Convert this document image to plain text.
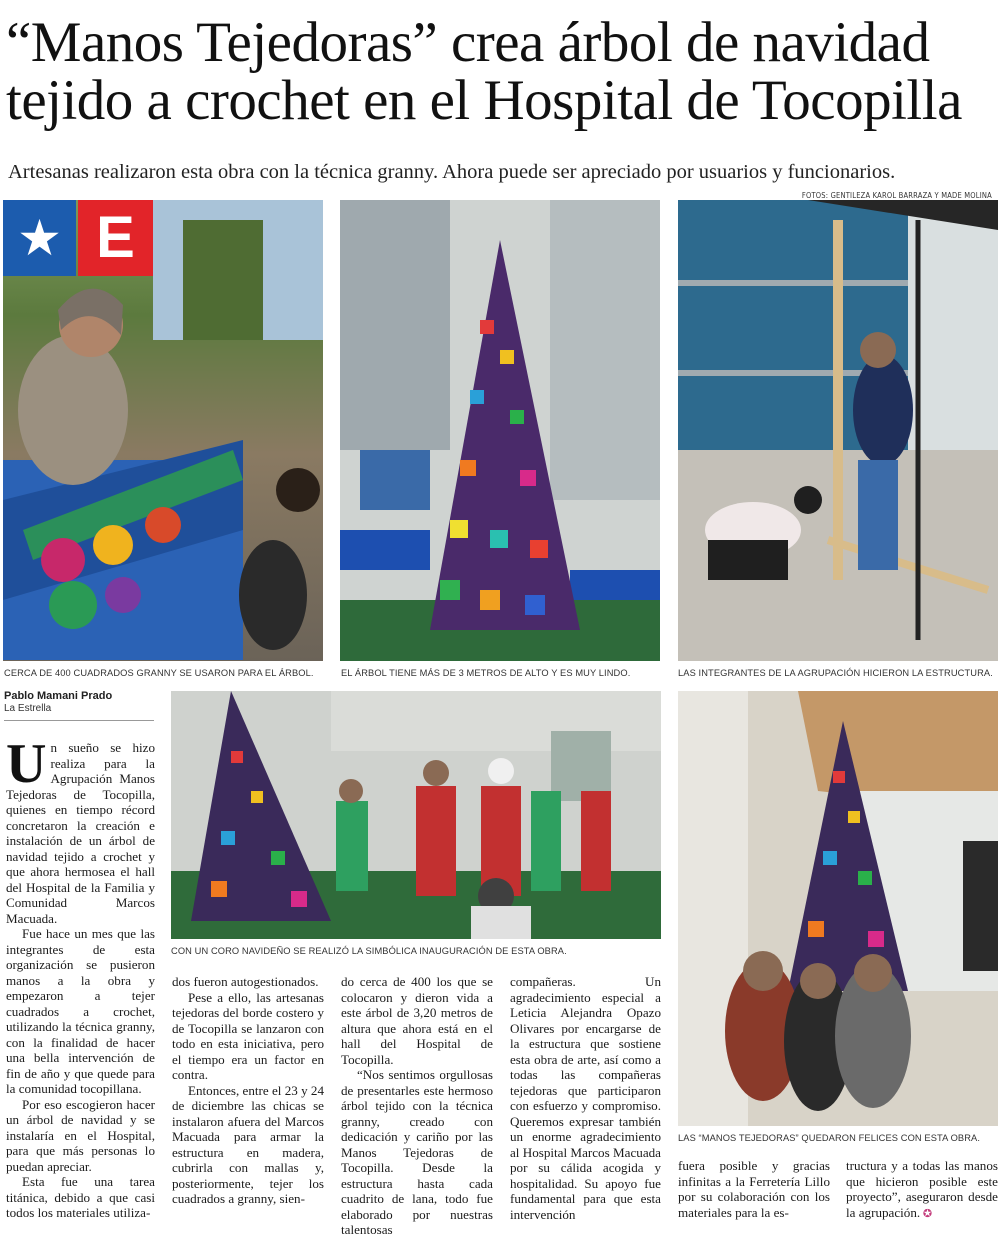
“Manos Tejedoras” crea árbol de navidad tejido a crochet en el Hospital de Tocopilla
Artesanas realizaron esta obra con la técnica granny. Ahora puede ser apreciado por usuarios y funcionarios.
FOTOS: GENTILEZA KAROL BARRAZA Y MADE MOLINA
★ E
CERCA DE 400 CUADRADOS GRANNY SE USARON PARA EL ÁRBOL.	EL ÁRBOL TIENE MÁS DE 3 METROS DE ALTO Y ES MUY LINDO.	LAS INTEGRANTES DE LA AGRUPACIÓN HICIERON LA ESTRUCTURA.
Pablo Mamani Prado
La Estrella
CON UN CORO NAVIDEÑO SE REALIZÓ LA SIMBÓLICA INAUGURACIÓN DE ESTA OBRA.
LAS “MANOS TEJEDORAS” QUEDARON FELICES CON ESTA OBRA.
U n sueño se hizo realiza para la Agrupación Manos Tejedoras de Tocopilla, quienes en tiempo récord concretaron la creación e instalación de un árbol de navidad tejido a crochet y que ahora hermosea el hall del Hospital de la Familia y Comunidad Marcos Macuada.

Fue hace un mes que las integrantes de esta organización se pusieron manos a la obra y empezaron a tejer cuadrados a crochet, utilizando la técnica granny, con la finalidad de hacer una bella intervención de fin de año y que quede para la comunidad tocopillana.

Por eso escogieron hacer un árbol de navidad y se instalaría en el Hospital, para que más personas lo puedan apreciar.

Esta fue una tarea titánica, debido a que casi todos los materiales utiliza-

dos fueron autogestionados.

Pese a ello, las artesanas tejedoras del borde costero y de Tocopilla se lanzaron con todo en esta iniciativa, pero el tiempo era un factor en contra.

Entonces, entre el 23 y 24 de diciembre las chicas se instalaron afuera del Marcos Macuada para armar la estructura en madera, cubrirla con mallas y, posteriormente, tejer los cuadrados a granny, sien-

do cerca de 400 los que se colocaron y dieron vida a este árbol de 3,20 metros de altura que ahora está en el hall del Hospital de Tocopilla.

“Nos sentimos orgullosas de presentarles este hermoso árbol tejido con la técnica granny, creado con dedicación y cariño por las Manos Tejedoras de Tocopilla. Desde la estructura hasta cada cuadrito de lana, todo fue elaborado por nuestras talentosas

compañeras. Un agradecimiento especial a Leticia Alejandra Opazo Olivares por encargarse de la estructura que sostiene esta obra de arte, así como a todas las compañeras tejedoras que participaron con esfuerzo y compromiso. Queremos expresar también un enorme agradecimiento al Hospital Marcos Macuada por su cálida acogida y hospitalidad. Su apoyo fue fundamental para que esta intervención

fuera posible y gracias infinitas a la Ferretería Lillo por su colaboración con los materiales para la es-

tructura y a todas las manos que hicieron posible este proyecto”, aseguraron desde la agrupación. ✪
